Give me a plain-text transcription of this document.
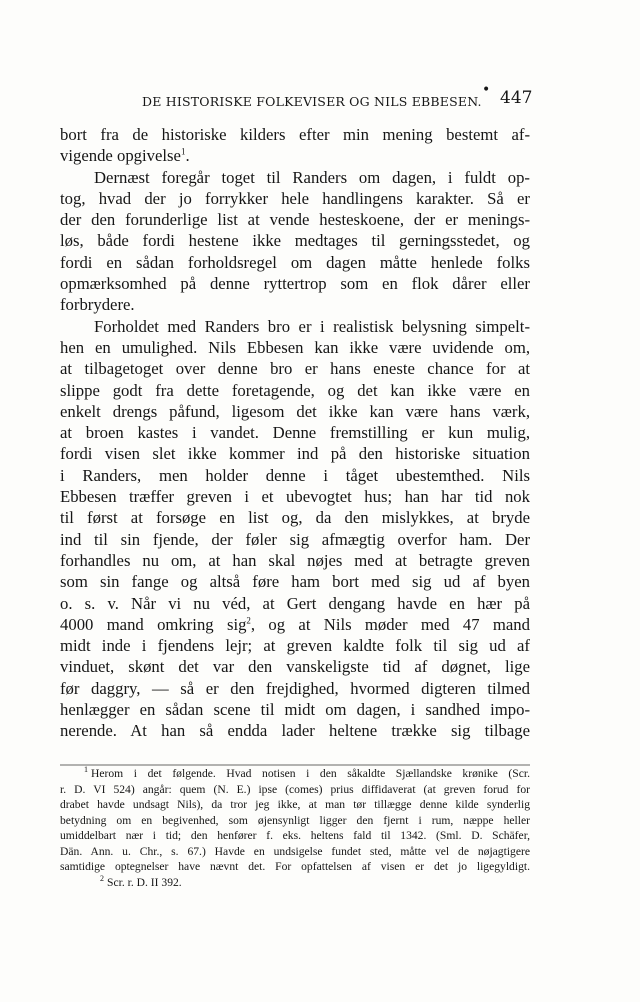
DE HISTORISKE FOLKEVISER OG NILS EBBESEN.
• 447
bort fra de historiske kilders efter min mening bestemt af-
vigende opgivelse$^1$.
Dernæst foregår toget til Randers om dagen, i fuldt op-
tog, hvad der jo forrykker hele handlingens karakter. Så er
der den forunderlige list at vende hesteskoene, der er menings-
løs, både fordi hestene ikke medtages til gerningsstedet, og
fordi en sådan forholdsregel om dagen måtte henlede folks
opmærksomhed på denne ryttertrop som en flok dårer eller
forbrydere.
Forholdet med Randers bro er i realistisk belysning simpelt-
hen en umulighed. Nils Ebbesen kan ikke være uvidende om,
at tilbagetoget over denne bro er hans eneste chance for at
slippe godt fra dette foretagende, og det kan ikke være en
enkelt drengs påfund, ligesom det ikke kan være hans værk,
at broen kastes i vandet. Denne fremstilling er kun mulig,
fordi visen slet ikke kommer ind på den historiske situation
i Randers, men holder denne i tåget ubestemthed. Nils
Ebbesen træffer greven i et ubevogtet hus; han har tid nok
til først at forsøge en list og, da den mislykkes, at bryde
ind til sin fjende, der føler sig afmægtig overfor ham. Der
forhandles nu om, at han skal nøjes med at betragte greven
som sin fange og altså føre ham bort med sig ud af byen
o. s. v. Når vi nu véd, at Gert dengang havde en hær på
4000 mand omkring sig$^2$, og at Nils møder med 47 mand
midt inde i fjendens lejr; at greven kaldte folk til sig ud af
vinduet, skønt det var den vanskeligste tid af døgnet, lige
før daggry, — så er den frejdighed, hvormed digteren tilmed
henlægger en sådan scene til midt om dagen, i sandhed impo-
nerende. At han så endda lader heltene trække sig tilbage
$^1$ Herom i det følgende. Hvad notisen i den såkaldte Sjællandske krønike (Scr.
r. D. VI 524) angår: quem (N. E.) ipse (comes) prius diffidaverat (at greven forud for
drabet havde undsagt Nils), da tror jeg ikke, at man tør tillægge denne kilde synderlig
betydning om en begivenhed, som øjensynligt ligger den fjernt i rum, næppe heller
umiddelbart nær i tid; den henfører f. eks. heltens fald til 1342. (Sml. D. Schäfer,
Dän. Ann. u. Chr., s. 67.) Havde en undsigelse fundet sted, måtte vel de nøjagtigere
samtidige optegnelser have nævnt det. For opfattelsen af visen er det jo ligegyldigt.
$^2$ Scr. r. D. II 392.
